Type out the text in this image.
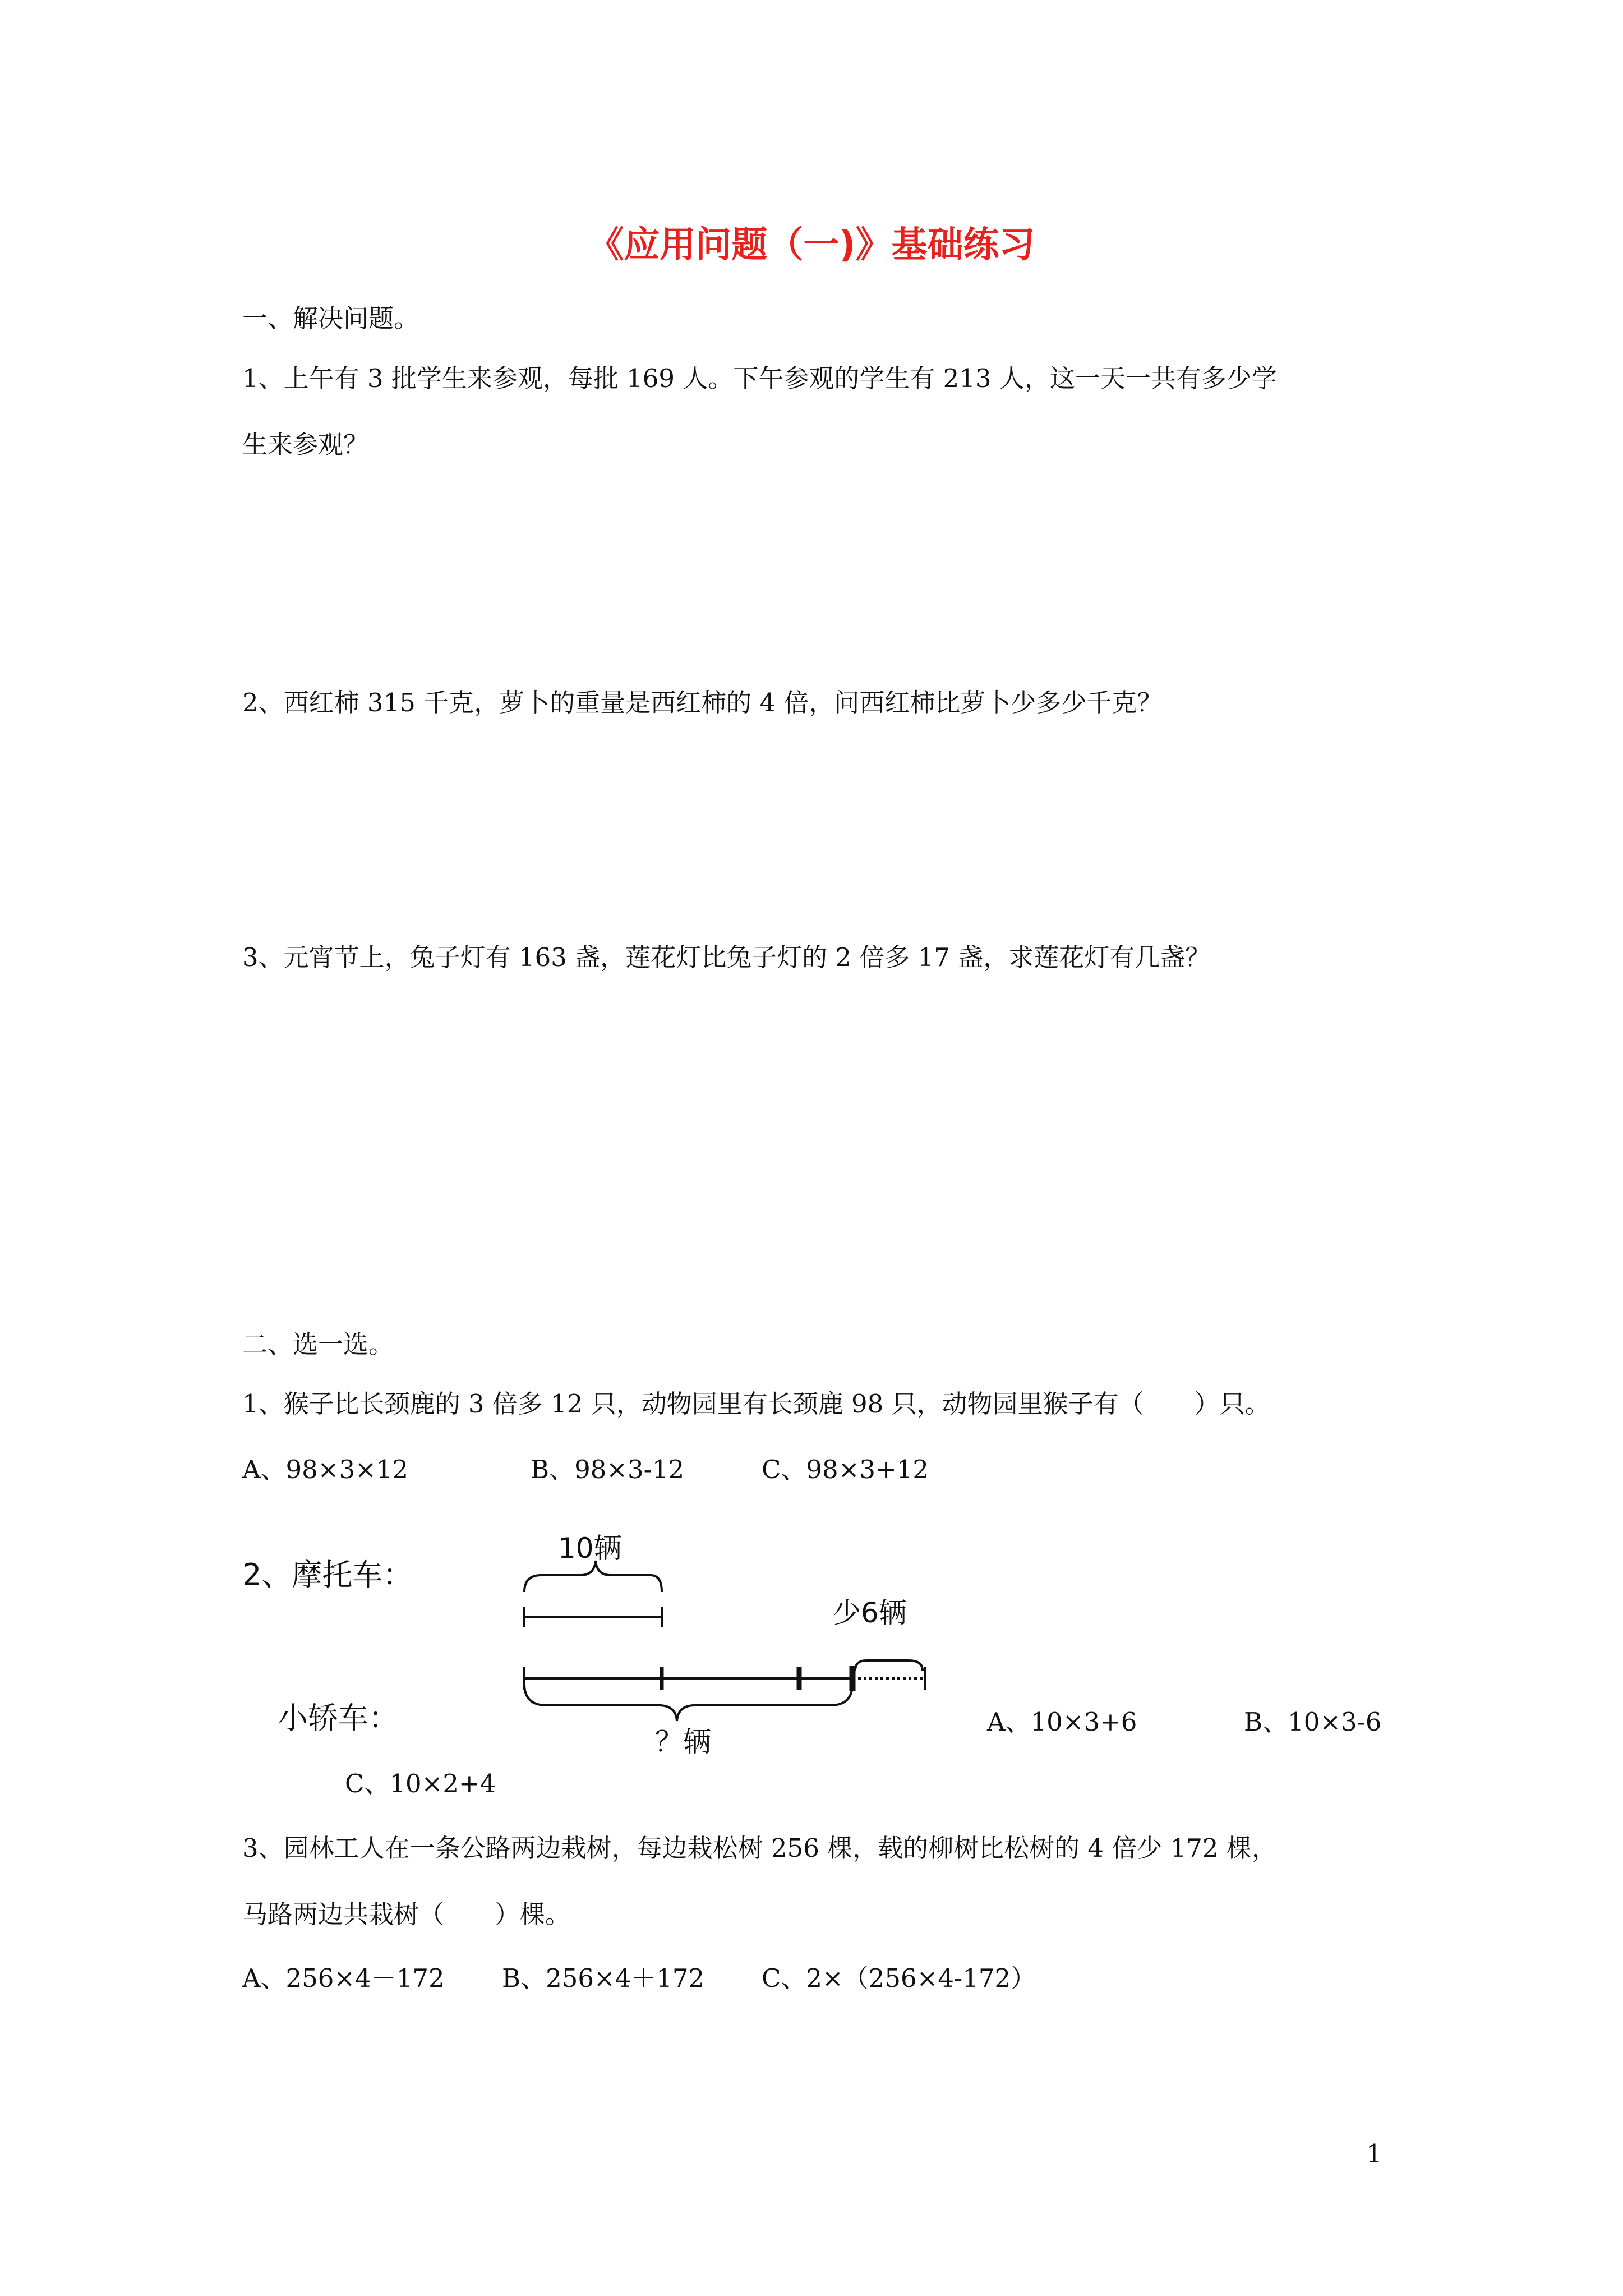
《应用问题（一)》基础练习
一、解决问题。
1、上午有 3 批学生来参观，每批 169 人。下午参观的学生有 213 人，这一天一共有多少学
生来参观？
2、西红柿 315 千克，萝卜的重量是西红柿的 4 倍，问西红柿比萝卜少多少千克？
3、元宵节上，兔子灯有 163 盏，莲花灯比兔子灯的 2 倍多 17 盏，求莲花灯有几盏？
二、选一选。
1、猴子比长颈鹿的 3 倍多 12 只，动物园里有长颈鹿 98 只，动物园里猴子有（　　）只。
A、98×3×12	B、98×3-12	C、98×3+12
2、摩托车：
小轿车：
10辆
少6辆
？辆
A、10×3+6	B、10×3-6
C、10×2+4
3、园林工人在一条公路两边栽树，每边栽松树 256 棵，载的柳树比松树的 4 倍少 172 棵，
马路两边共栽树（　　）棵。
A、256×4－172 B、256×4＋172 C、2×（256×4-172）
1
